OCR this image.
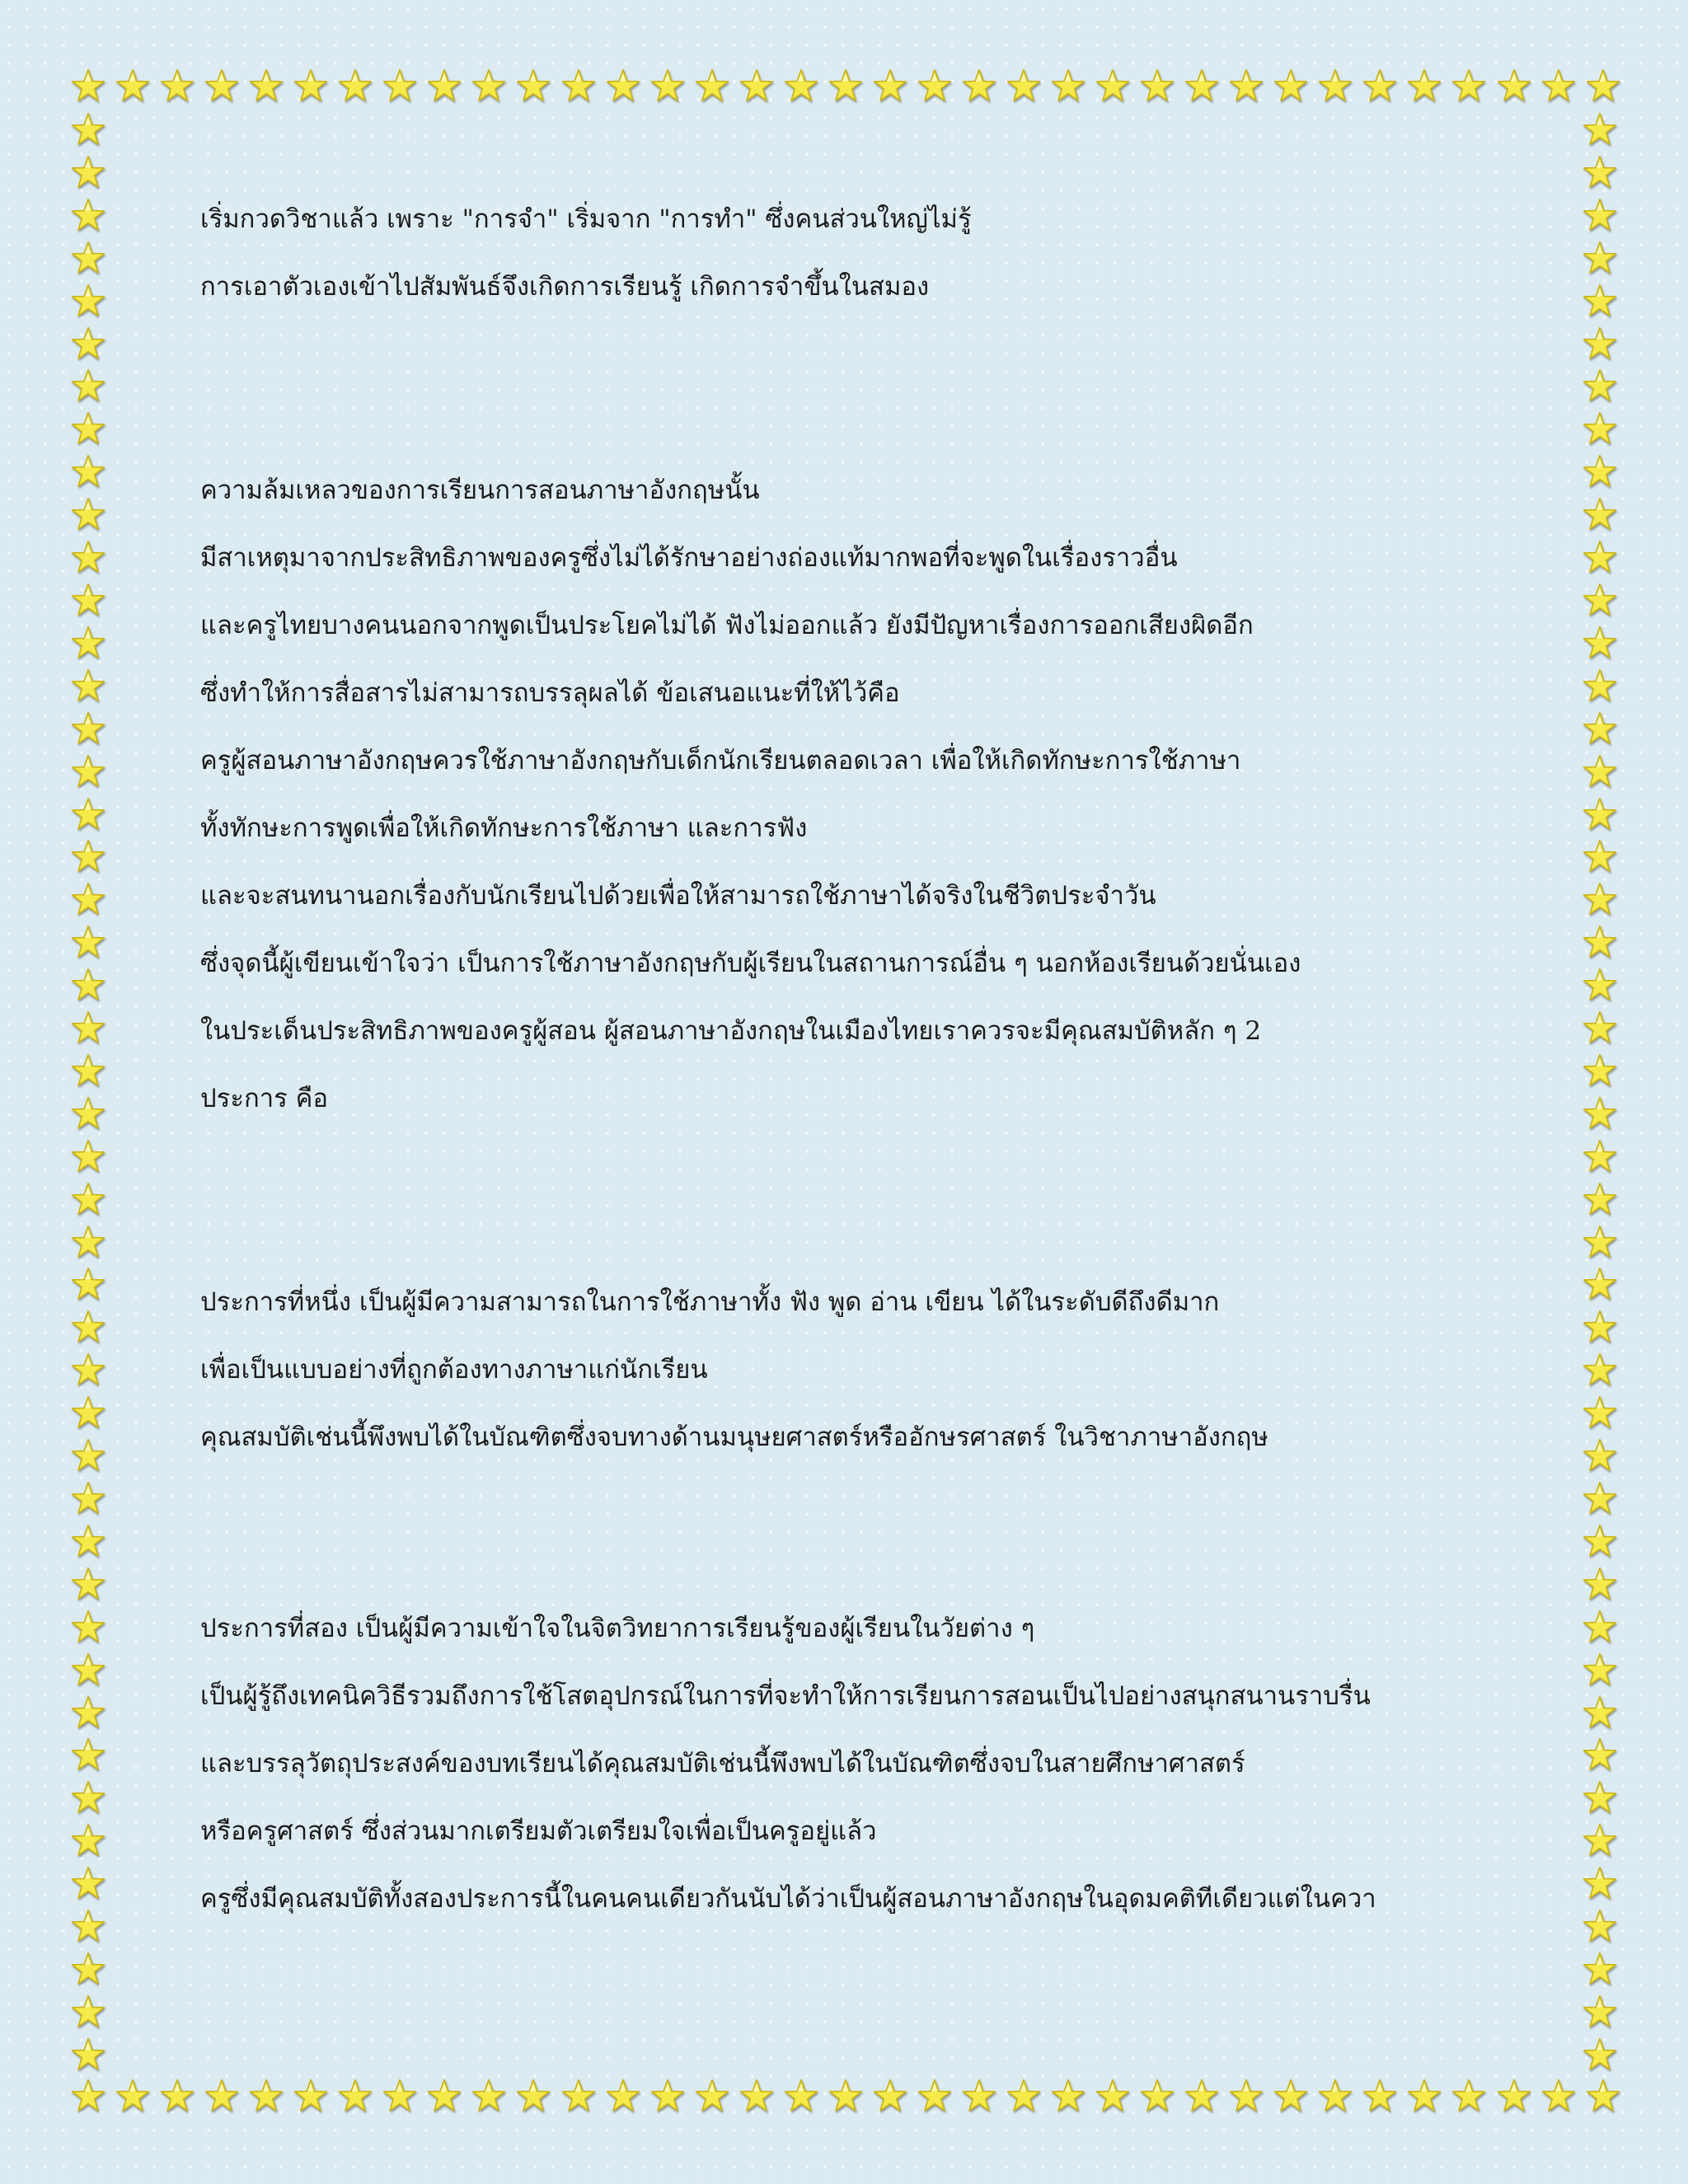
เริ่มกวดวิชาแล้ว เพราะ "การจำ" เริ่มจาก "การทำ" ซึ่งคนส่วนใหญ่ไม่รู้
การเอาตัวเองเข้าไปสัมพันธ์จึงเกิดการเรียนรู้ เกิดการจำขึ้นในสมอง
ความล้มเหลวของการเรียนการสอนภาษาอังกฤษนั้น
มีสาเหตุมาจากประสิทธิภาพของครูซึ่งไม่ได้รักษาอย่างถ่องแท้มากพอที่จะพูดในเรื่องราวอื่น
และครูไทยบางคนนอกจากพูดเป็นประโยคไม่ได้ ฟังไม่ออกแล้ว ยังมีปัญหาเรื่องการออกเสียงผิดอีก
ซึ่งทำให้การสื่อสารไม่สามารถบรรลุผลได้ ข้อเสนอแนะที่ให้ไว้คือ
ครูผู้สอนภาษาอังกฤษควรใช้ภาษาอังกฤษกับเด็กนักเรียนตลอดเวลา เพื่อให้เกิดทักษะการใช้ภาษา
ทั้งทักษะการพูดเพื่อให้เกิดทักษะการใช้ภาษา และการฟัง
และจะสนทนานอกเรื่องกับนักเรียนไปด้วยเพื่อให้สามารถใช้ภาษาได้จริงในชีวิตประจำวัน
ซึ่งจุดนี้ผู้เขียนเข้าใจว่า เป็นการใช้ภาษาอังกฤษกับผู้เรียนในสถานการณ์อื่น ๆ นอกห้องเรียนด้วยนั่นเอง
ในประเด็นประสิทธิภาพของครูผู้สอน ผู้สอนภาษาอังกฤษในเมืองไทยเราควรจะมีคุณสมบัติหลัก ๆ 2
ประการ คือ
ประการที่หนึ่ง เป็นผู้มีความสามารถในการใช้ภาษาทั้ง ฟัง พูด อ่าน เขียน ได้ในระดับดีถึงดีมาก
เพื่อเป็นแบบอย่างที่ถูกต้องทางภาษาแก่นักเรียน
คุณสมบัติเช่นนี้พึงพบได้ในบัณฑิตซึ่งจบทางด้านมนุษยศาสตร์หรืออักษรศาสตร์ ในวิชาภาษาอังกฤษ
ประการที่สอง เป็นผู้มีความเข้าใจในจิตวิทยาการเรียนรู้ของผู้เรียนในวัยต่าง ๆ
เป็นผู้รู้ถึงเทคนิควิธีรวมถึงการใช้โสตอุปกรณ์ในการที่จะทำให้การเรียนการสอนเป็นไปอย่างสนุกสนานราบรื่น
และบรรลุวัตถุประสงค์ของบทเรียนได้คุณสมบัติเช่นนี้พึงพบได้ในบัณฑิตซึ่งจบในสายศึกษาศาสตร์
หรือครูศาสตร์ ซึ่งส่วนมากเตรียมตัวเตรียมใจเพื่อเป็นครูอยู่แล้ว
ครูซึ่งมีคุณสมบัติทั้งสองประการนี้ในคนคนเดียวกันนับได้ว่าเป็นผู้สอนภาษาอังกฤษในอุดมคติทีเดียวแต่ในควา
